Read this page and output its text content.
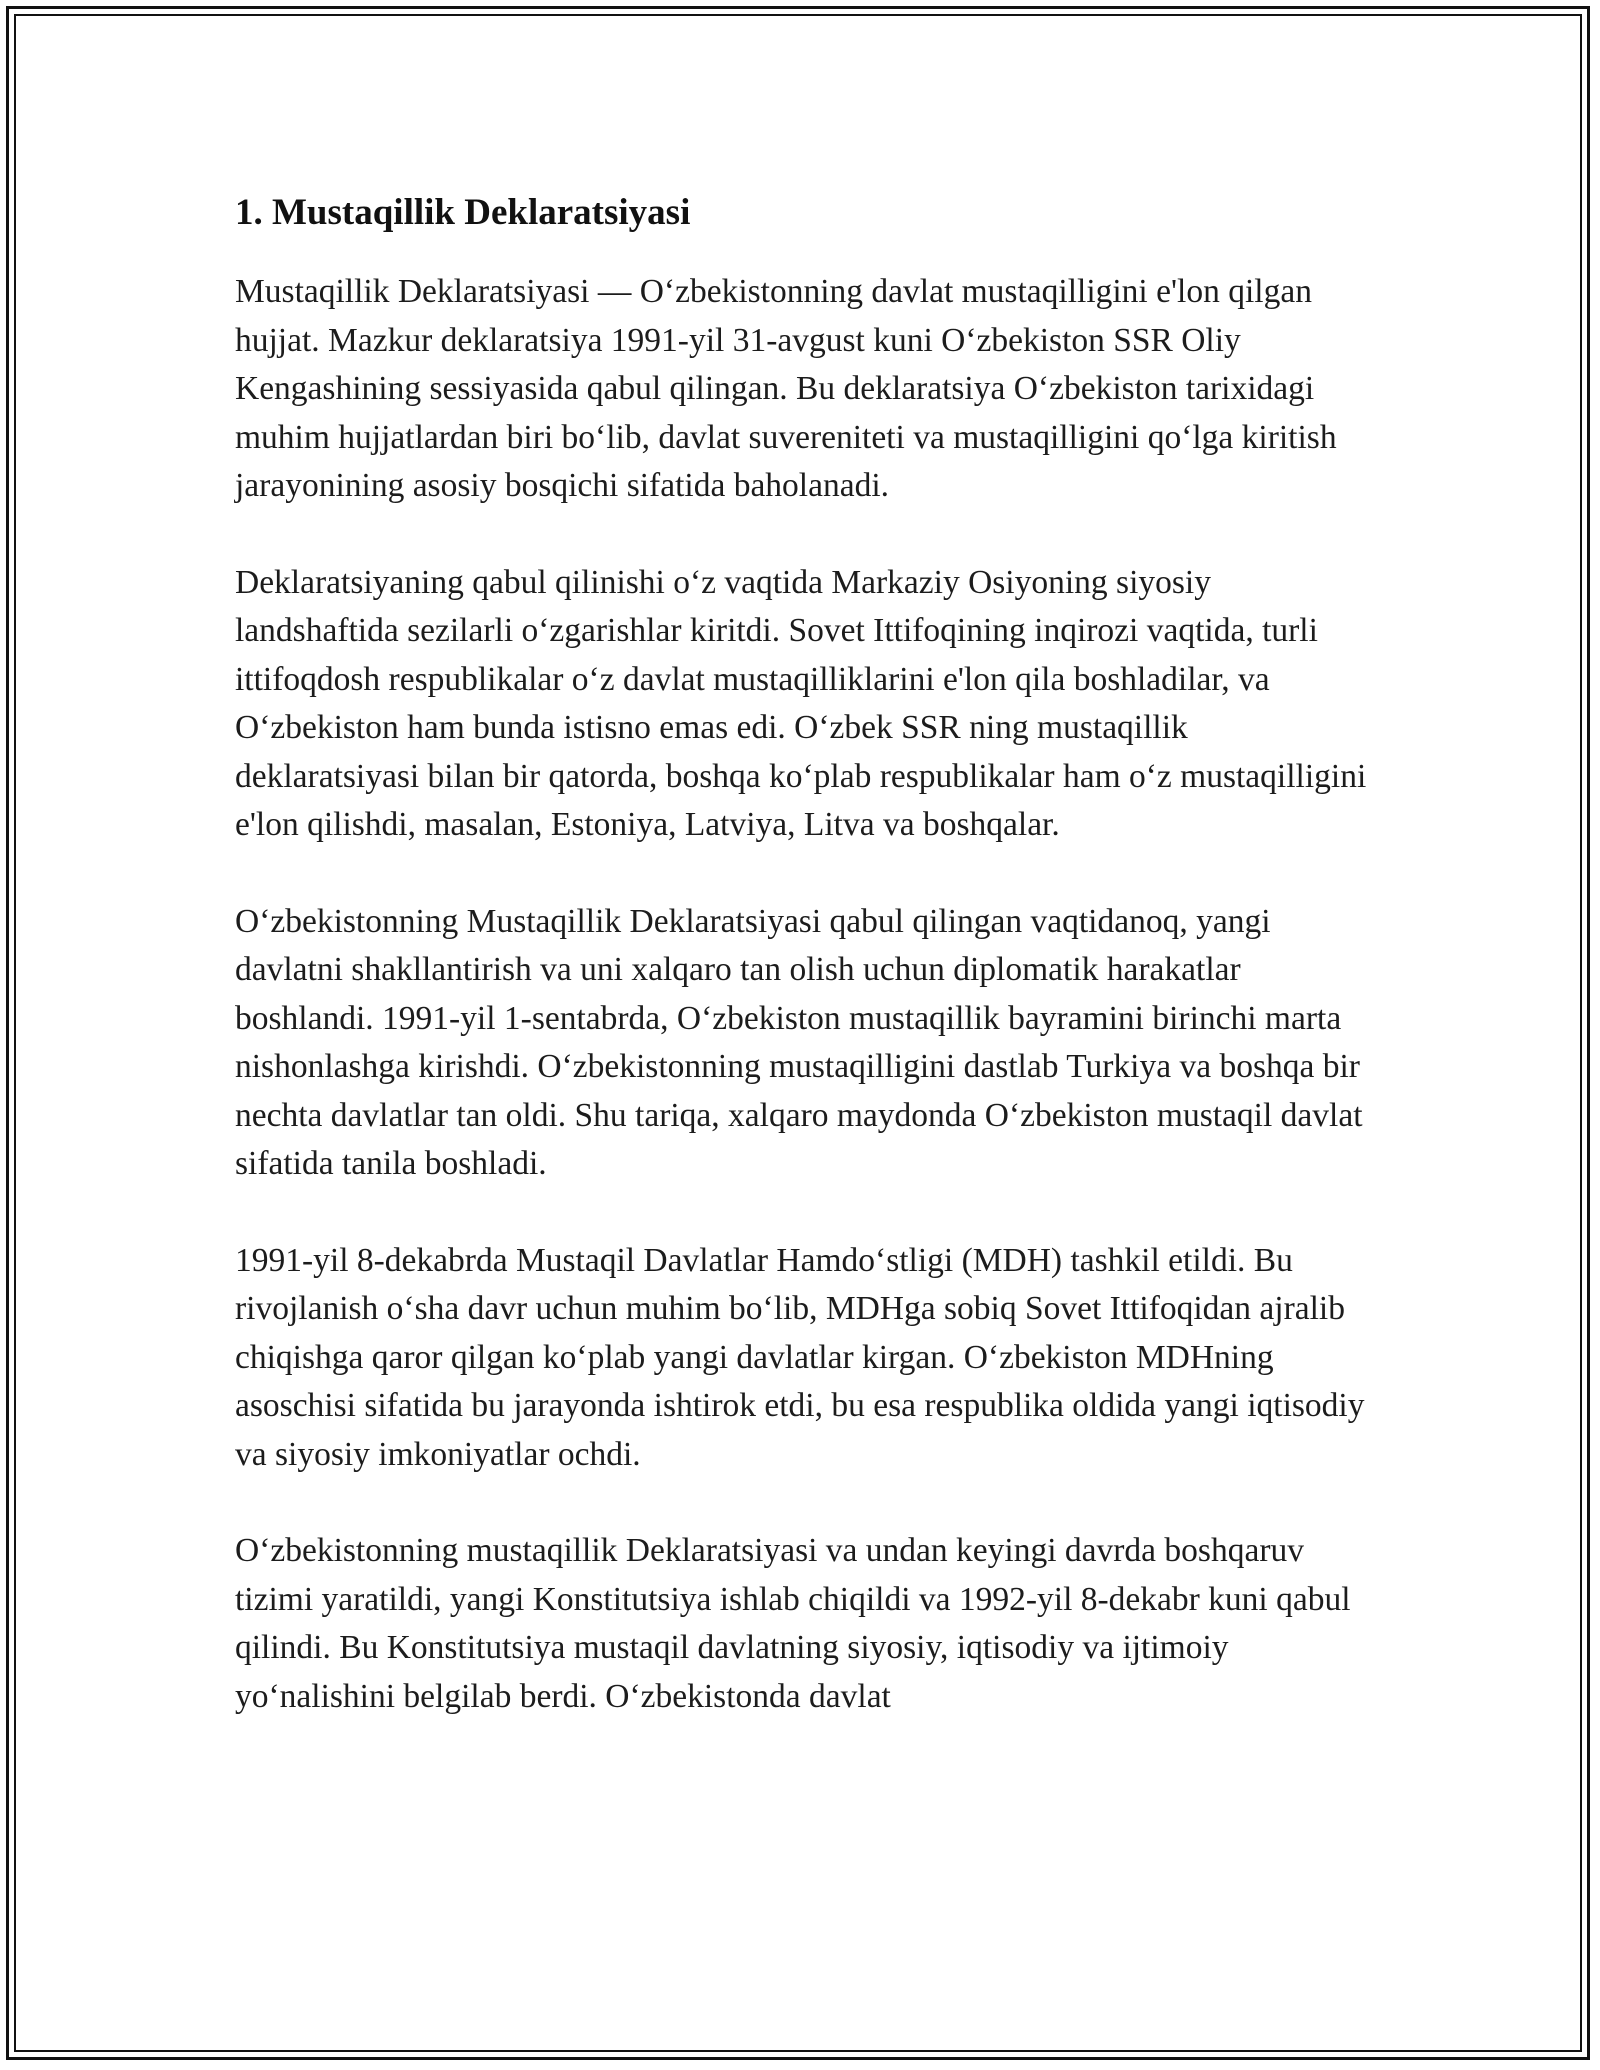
1. Mustaqillik Deklaratsiyasi

Mustaqillik Deklaratsiyasi — O‘zbekistonning davlat mustaqilligini e'lon qilgan hujjat. Mazkur deklaratsiya 1991-yil 31-avgust kuni O‘zbekiston SSR Oliy Kengashining sessiyasida qabul qilingan. Bu deklaratsiya O‘zbekiston tarixidagi muhim hujjatlardan biri bo‘lib, davlat suvereniteti va mustaqilligini qo‘lga kiritish jarayonining asosiy bosqichi sifatida baholanadi.

Deklaratsiyaning qabul qilinishi o‘z vaqtida Markaziy Osiyoning siyosiy landshaftida sezilarli o‘zgarishlar kiritdi. Sovet Ittifoqining inqirozi vaqtida, turli ittifoqdosh respublikalar o‘z davlat mustaqilliklarini e'lon qila boshladilar, va O‘zbekiston ham bunda istisno emas edi. O‘zbek SSR ning mustaqillik deklaratsiyasi bilan bir qatorda, boshqa ko‘plab respublikalar ham o‘z mustaqilligini e'lon qilishdi, masalan, Estoniya, Latviya, Litva va boshqalar.

O‘zbekistonning Mustaqillik Deklaratsiyasi qabul qilingan vaqtidanoq, yangi davlatni shakllantirish va uni xalqaro tan olish uchun diplomatik harakatlar boshlandi. 1991-yil 1-sentabrda, O‘zbekiston mustaqillik bayramini birinchi marta nishonlashga kirishdi. O‘zbekistonning mustaqilligini dastlab Turkiya va boshqa bir nechta davlatlar tan oldi. Shu tariqa, xalqaro maydonda O‘zbekiston mustaqil davlat sifatida tanila boshladi.

1991-yil 8-dekabrda Mustaqil Davlatlar Hamdo‘stligi (MDH) tashkil etildi. Bu rivojlanish o‘sha davr uchun muhim bo‘lib, MDHga sobiq Sovet Ittifoqidan ajralib chiqishga qaror qilgan ko‘plab yangi davlatlar kirgan. O‘zbekiston MDHning asoschisi sifatida bu jarayonda ishtirok etdi, bu esa respublika oldida yangi iqtisodiy va siyosiy imkoniyatlar ochdi.

O‘zbekistonning mustaqillik Deklaratsiyasi va undan keyingi davrda boshqaruv tizimi yaratildi, yangi Konstitutsiya ishlab chiqildi va 1992-yil 8-dekabr kuni qabul qilindi. Bu Konstitutsiya mustaqil davlatning siyosiy, iqtisodiy va ijtimoiy yo‘nalishini belgilab berdi. O‘zbekistonda davlat
